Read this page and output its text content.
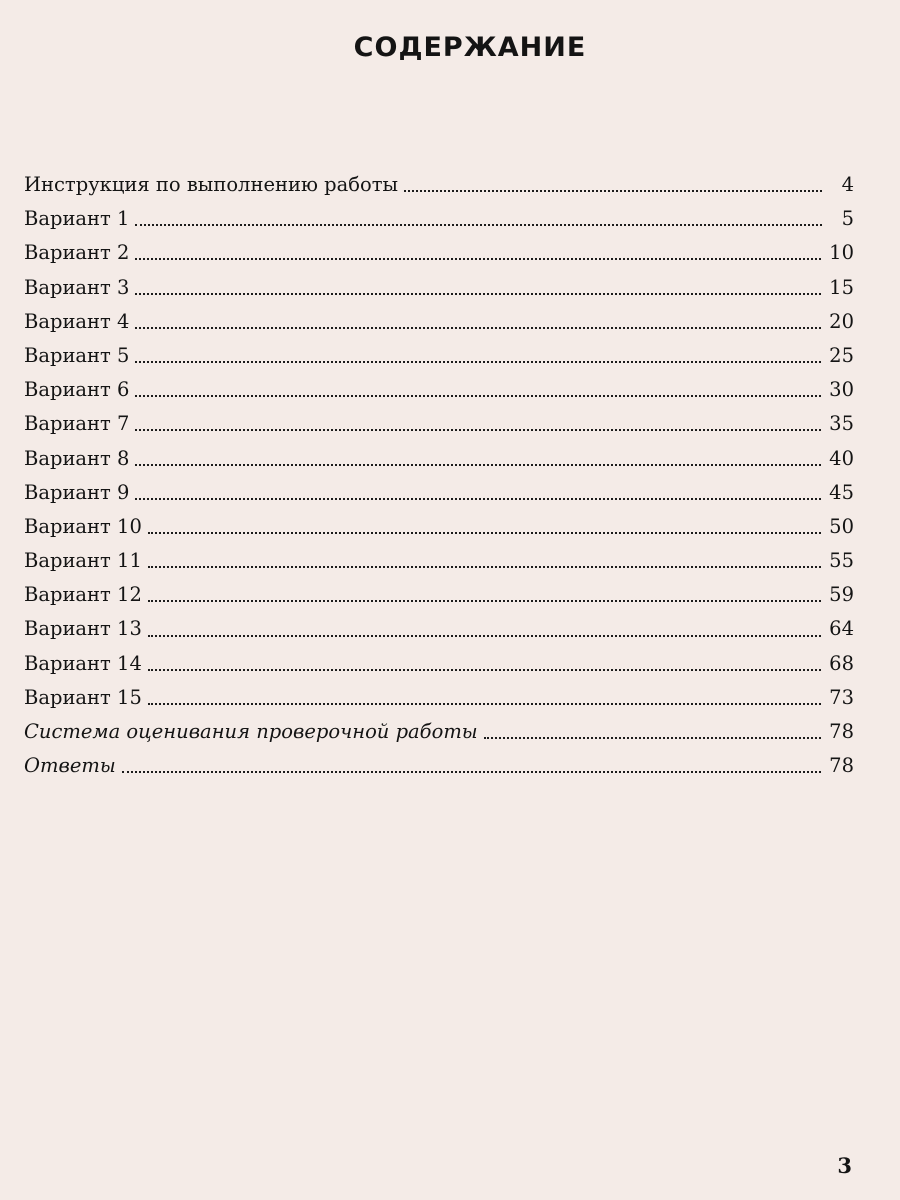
СОДЕРЖАНИЕ
Инструкция по выполнению работы	4
Вариант 1	5
Вариант 2	10
Вариант 3	15
Вариант 4	20
Вариант 5	25
Вариант 6	30
Вариант 7	35
Вариант 8	40
Вариант 9	45
Вариант 10	50
Вариант 11	55
Вариант 12	59
Вариант 13	64
Вариант 14	68
Вариант 15	73
Система оценивания проверочной работы	78
Ответы	78
3
